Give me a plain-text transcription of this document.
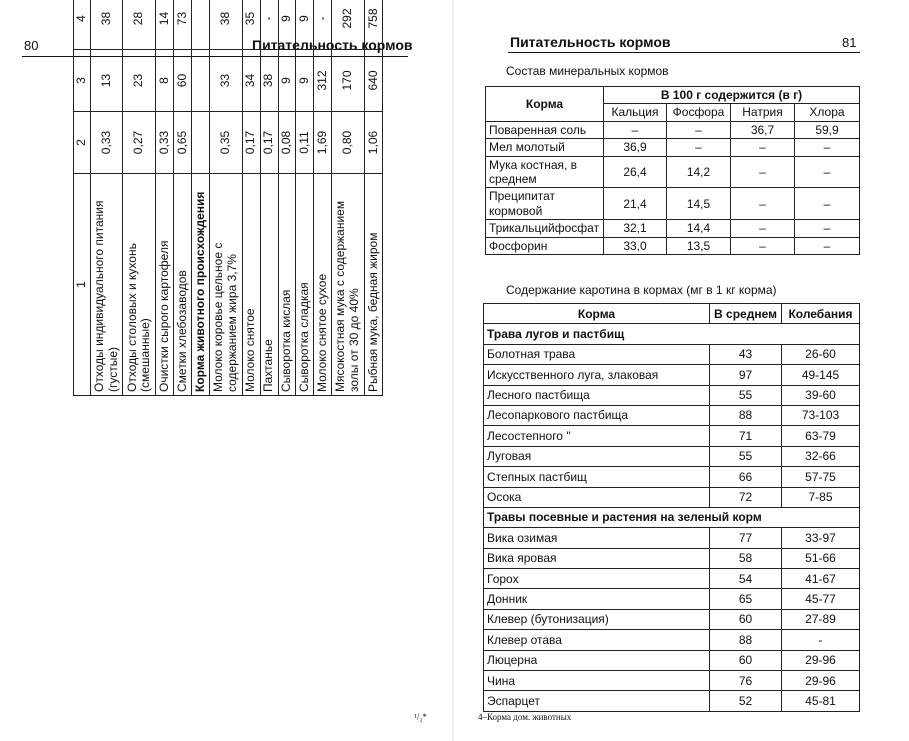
80	Питательность кормов
1	2	3	4			
Отходы индивидуального питания (густые)	0,33	13	38			
Отходы столовых и кухонь (смешанные)	0,27	23	28			
Очистки сырого картофеля	0,33	8	14			
Сметки хлебозаводов	0,65	60	73			
Корма животного происхождения						
Молоко коровье цельное с содержанием жира 3,7%	0,35	33	38			
Молоко снятое	0,17	34	35			
Пахтанье	0,17	38	-			
Сыворотка кислая	0,08	9	9			
Сыворотка сладкая	0,11	9	9			
Молоко снятое сухое	1,69	312	-			
Мясокостная мука с содержанием золы от 30 до 40%	0,80	170	292			
Рыбная мука, бедная жиром	1,06	640	758			
¹/₃*
Питательность кормов	81
Состав минеральных кормов
Корма	В 100 г содержится (в г)			
	Кальция	Фосфора	Натрия	Хлора
Поваренная соль	–	–	36,7	59,9
Мел молотый	36,9	–	–	–
Мука костная, в среднем	26,4	14,2	–	–
Преципитат кормовой	21,4	14,5	–	–
Трикальцийфосфат	32,1	14,4	–	–
Фосфорин	33,0	13,5	–	–
Содержание каротина в кормах (мг в 1 кг корма)
Корма	В среднем	Колебания
Трава лугов и пастбищ		
Болотная трава	43	26-60
Искусственного луга, злаковая	97	49-145
Лесного пастбища	55	39-60
Лесопаркового пастбища	88	73-103
Лесостепного "	71	63-79
Луговая	55	32-66
Степных пастбищ	66	57-75
Осока	72	7-85
Травы посевные и растения на зеленый корм		
Вика озимая	77	33-97
Вика яровая	58	51-66
Горох	54	41-67
Донник	65	45-77
Клевер (бутонизация)	60	27-89
Клевер отава	88	-
Люцерна	60	29-96
Чина	76	29-96
Эспарцет	52	45-81
4–Корма дом. животных
